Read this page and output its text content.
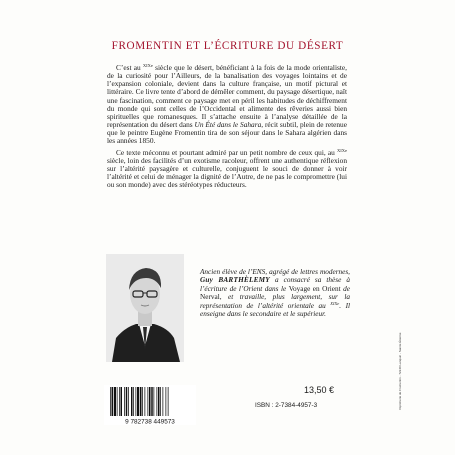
FROMENTIN ET L’ÉCRITURE DU DÉSERT

C’est au $^{XIXe}$ siècle que le désert, bénéficiant à la fois de la mode orientaliste, de la curiosité pour l’Ailleurs, de la banalisation des voyages lointains et de l’expansion coloniale, devient dans la culture française, un motif pictural et littéraire. Ce livre tente d’abord de démêler comment, du paysage désertique, naît une fascination, comment ce paysage met en péril les habitudes de déchiffrement du monde qui sont celles de l’Occidental et alimente des rêveries aussi bien spirituelles que romanesques. Il s’attache ensuite à l’analyse détaillée de la représentation du désert dans Un Été dans le Sahara, récit subtil, plein de retenue que le peintre Eugène Fromentin tira de son séjour dans le Sahara algérien dans les années 1850.

Ce texte méconnu et pourtant admiré par un petit nombre de ceux qui, au $^{XIXe}$ siècle, loin des facilités d’un exotisme racoleur, offrent une authentique réflexion sur l’altérité paysagère et culturelle, conjuguent le souci de donner à voir l’altérité et celui de ménager la dignité de l’Autre, de ne pas le compromettre (lui ou son monde) avec des stéréotypes réducteurs.

Ancien élève de l’ENS, agrégé de lettres modernes, Guy BARTHÈLEMY a consacré sa thèse à l’écriture de l’Orient dans le Voyage en Orient de Nerval, et travaille, plus largement, sur la représentation de l’altérité orientale au $^{XIXe}$. Il enseigne dans le secondaire et le supérieur.
9 782738 449573
13,50 €
ISBN : 2-7384-4957-3	Imprimerie de Fromentin - 72240 Lanquin - Sainte Étienne
